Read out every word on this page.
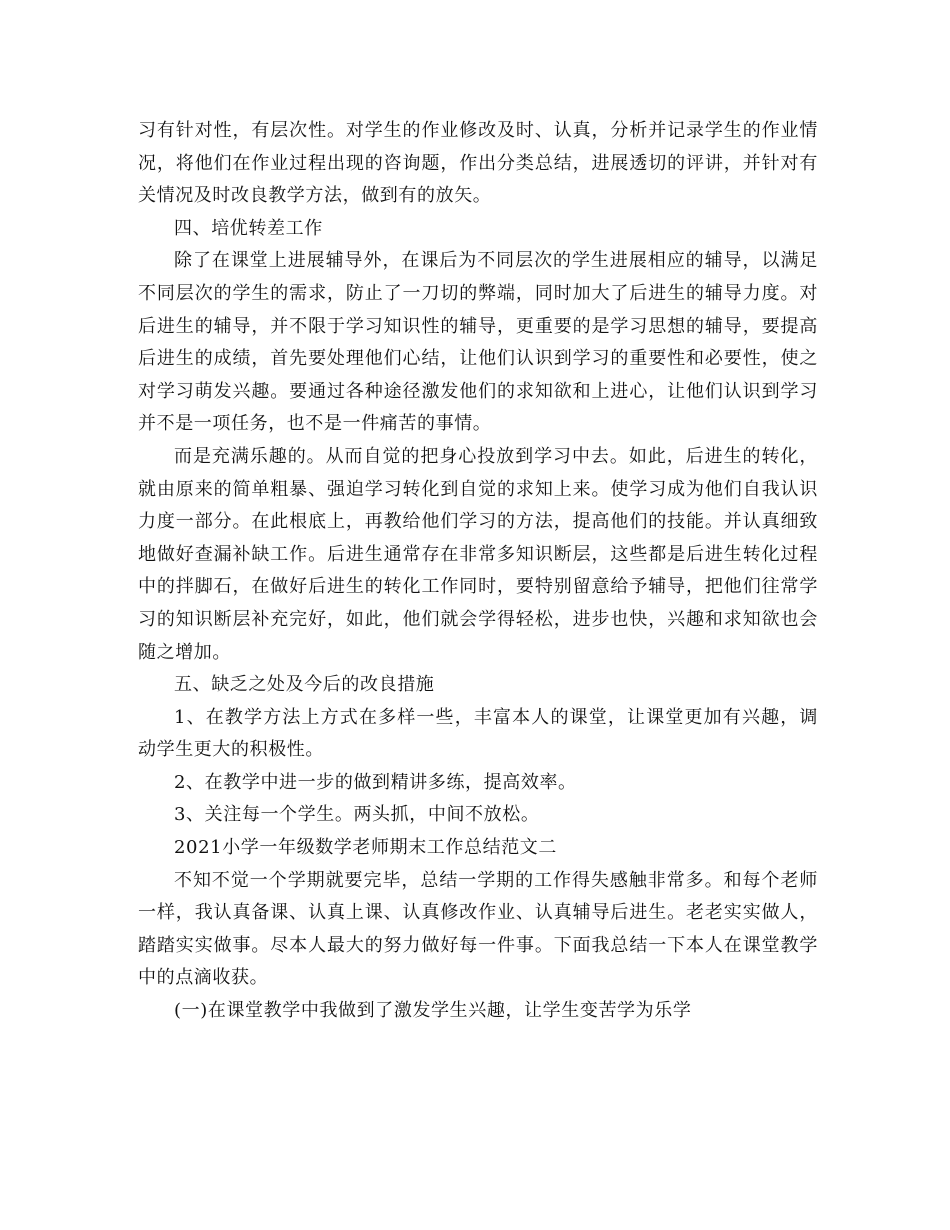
习有针对性，有层次性。对学生的作业修改及时、认真，分析并记录学生的作业情况，将他们在作业过程出现的咨询题，作出分类总结，进展透切的评讲，并针对有关情况及时改良教学方法，做到有的放矢。

四、培优转差工作

除了在课堂上进展辅导外，在课后为不同层次的学生进展相应的辅导，以满足不同层次的学生的需求，防止了一刀切的弊端，同时加大了后进生的辅导力度。对后进生的辅导，并不限于学习知识性的辅导，更重要的是学习思想的辅导，要提高后进生的成绩，首先要处理他们心结，让他们认识到学习的重要性和必要性，使之对学习萌发兴趣。要通过各种途径激发他们的求知欲和上进心，让他们认识到学习并不是一项任务，也不是一件痛苦的事情。

而是充满乐趣的。从而自觉的把身心投放到学习中去。如此，后进生的转化，就由原来的简单粗暴、强迫学习转化到自觉的求知上来。使学习成为他们自我认识力度一部分。在此根底上，再教给他们学习的方法，提高他们的技能。并认真细致地做好查漏补缺工作。后进生通常存在非常多知识断层，这些都是后进生转化过程中的拌脚石，在做好后进生的转化工作同时，要特别留意给予辅导，把他们往常学习的知识断层补充完好，如此，他们就会学得轻松，进步也快，兴趣和求知欲也会随之增加。

五、缺乏之处及今后的改良措施

1、在教学方法上方式在多样一些，丰富本人的课堂，让课堂更加有兴趣，调动学生更大的积极性。

2、在教学中进一步的做到精讲多练，提高效率。

3、关注每一个学生。两头抓，中间不放松。

2021小学一年级数学老师期末工作总结范文二

不知不觉一个学期就要完毕，总结一学期的工作得失感触非常多。和每个老师一样，我认真备课、认真上课、认真修改作业、认真辅导后进生。老老实实做人，踏踏实实做事。尽本人最大的努力做好每一件事。下面我总结一下本人在课堂教学中的点滴收获。

(一)在课堂教学中我做到了激发学生兴趣，让学生变苦学为乐学
